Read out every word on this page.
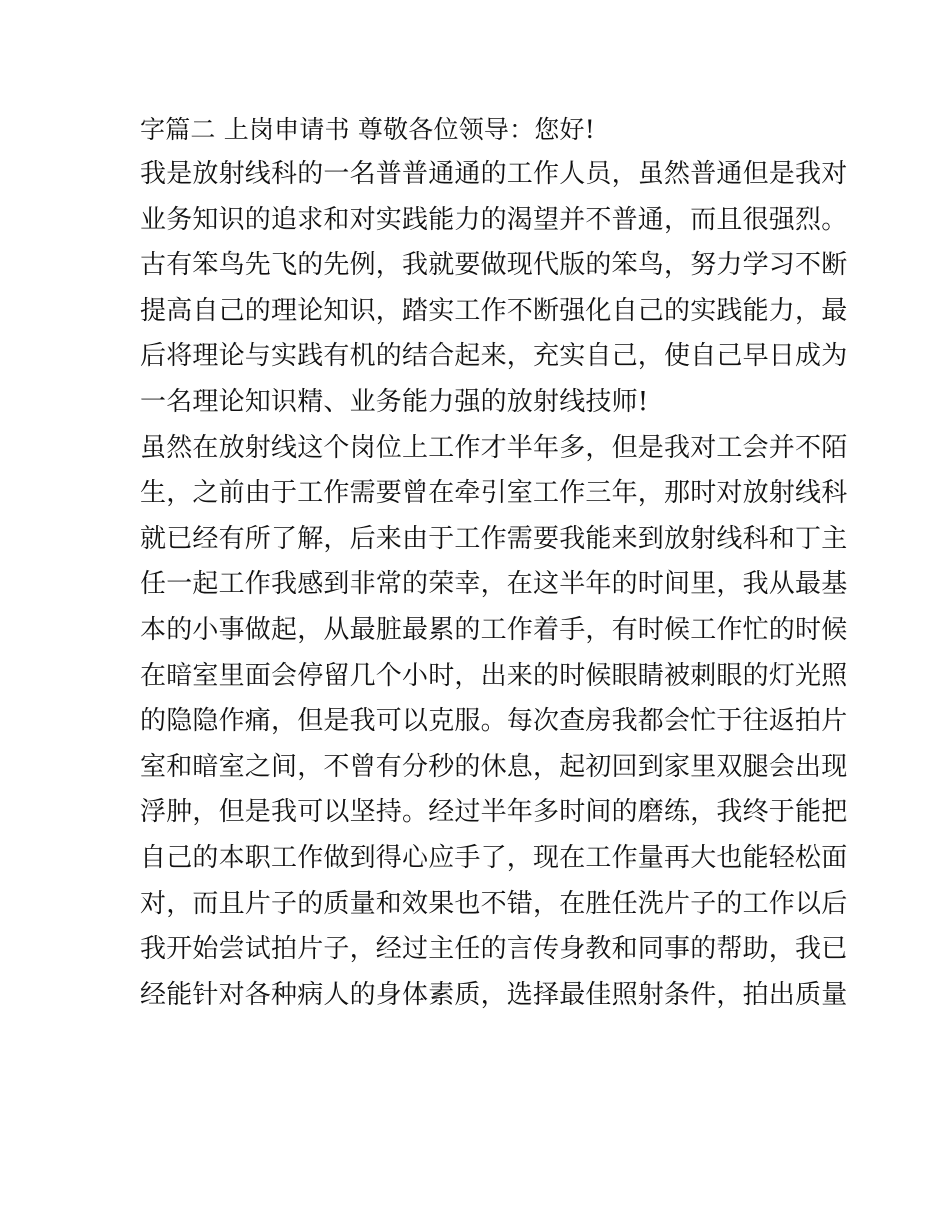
字篇二 上岗申请书 尊敬各位领导：您好!
我是放射线科的一名普普通通的工作人员，虽然普通但是我对
业务知识的追求和对实践能力的渴望并不普通，而且很强烈。
古有笨鸟先飞的先例，我就要做现代版的笨鸟，努力学习不断
提高自己的理论知识，踏实工作不断强化自己的实践能力，最
后将理论与实践有机的结合起来，充实自己，使自己早日成为
一名理论知识精、业务能力强的放射线技师!
虽然在放射线这个岗位上工作才半年多，但是我对工会并不陌
生，之前由于工作需要曾在牵引室工作三年，那时对放射线科
就已经有所了解，后来由于工作需要我能来到放射线科和丁主
任一起工作我感到非常的荣幸，在这半年的时间里，我从最基
本的小事做起，从最脏最累的工作着手，有时候工作忙的时候
在暗室里面会停留几个小时，出来的时候眼睛被刺眼的灯光照
的隐隐作痛，但是我可以克服。每次查房我都会忙于往返拍片
室和暗室之间，不曾有分秒的休息，起初回到家里双腿会出现
浮肿，但是我可以坚持。经过半年多时间的磨练，我终于能把
自己的本职工作做到得心应手了，现在工作量再大也能轻松面
对，而且片子的质量和效果也不错，在胜任洗片子的工作以后
我开始尝试拍片子，经过主任的言传身教和同事的帮助，我已
经能针对各种病人的身体素质，选择最佳照射条件，拍出质量
